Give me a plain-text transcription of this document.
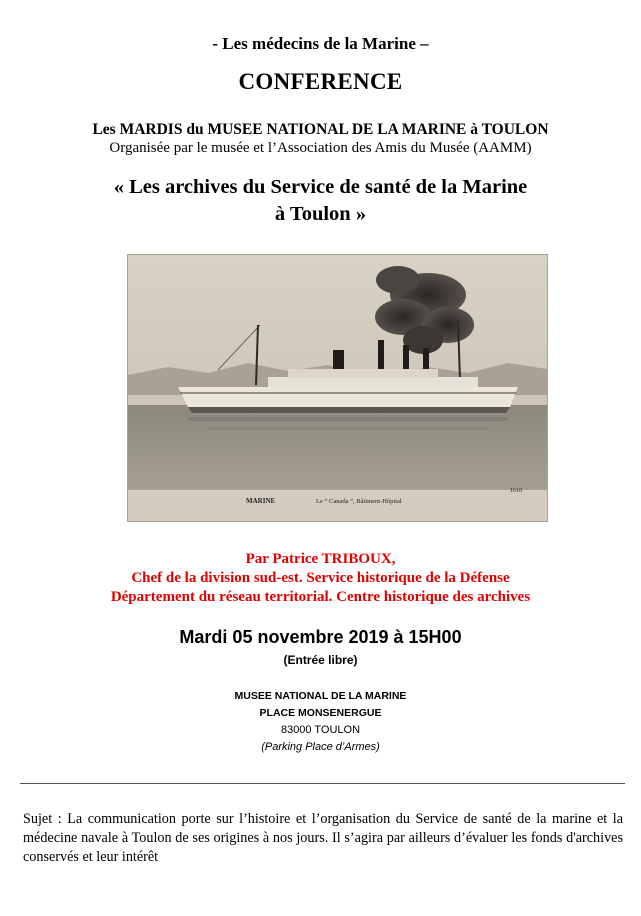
- Les médecins de la Marine –
CONFERENCE
Les MARDIS du MUSEE NATIONAL DE LA MARINE à TOULON
Organisée par le musée et l’Association des Amis du Musée (AAMM)
« Les archives du Service de santé de la Marine
à Toulon »
MARINE	Le “ Canada ”, Bâtiment-Hôpital
1610
Par Patrice TRIBOUX,
Chef de la division sud-est. Service historique de la Défense
Département du réseau territorial. Centre historique des archives
Mardi 05 novembre 2019 à 15H00
(Entrée libre)
MUSEE NATIONAL DE LA MARINE
PLACE MONSENERGUE
83000 TOULON
(Parking Place d’Armes)
Sujet : La communication porte sur l’histoire et l’organisation du Service de santé de la marine et la médecine navale à Toulon de ses origines à nos jours. Il s’agira par ailleurs d’évaluer les fonds d'archives conservés et leur intérêt
